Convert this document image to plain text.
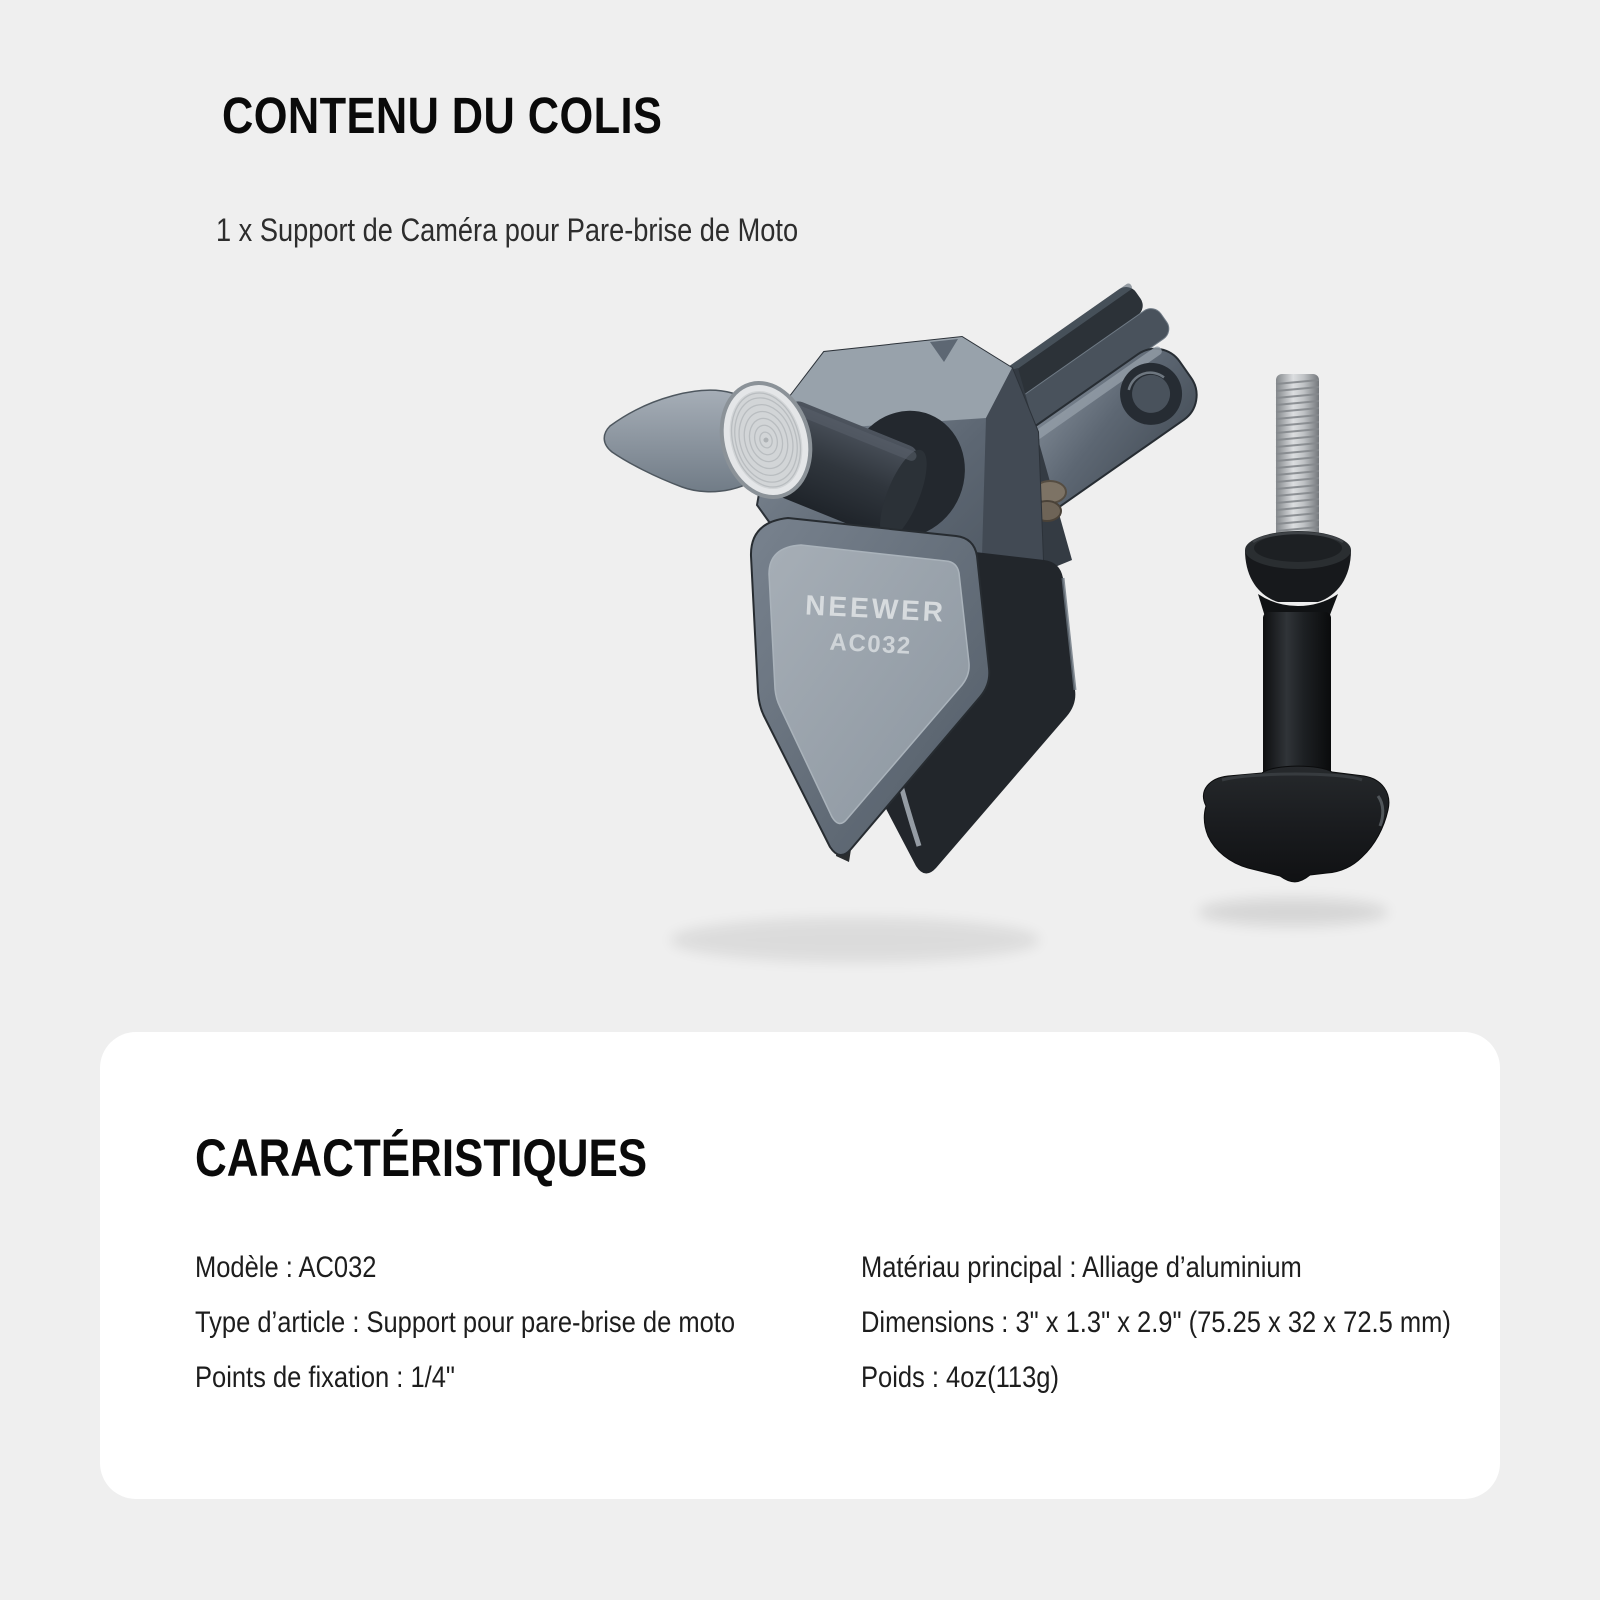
CONTENU DU COLIS

1 x Support de Caméra pour Pare-brise de Moto

NEEWER
AC032
CARACTÉRISTIQUES
Modèle : AC032
Type d’article : Support pour pare-brise de moto
Points de fixation : 1/4"
Matériau principal : Alliage d’aluminium
Dimensions : 3" x 1.3" x 2.9" (75.25 x 32 x 72.5 mm)
Poids : 4oz(113g)
